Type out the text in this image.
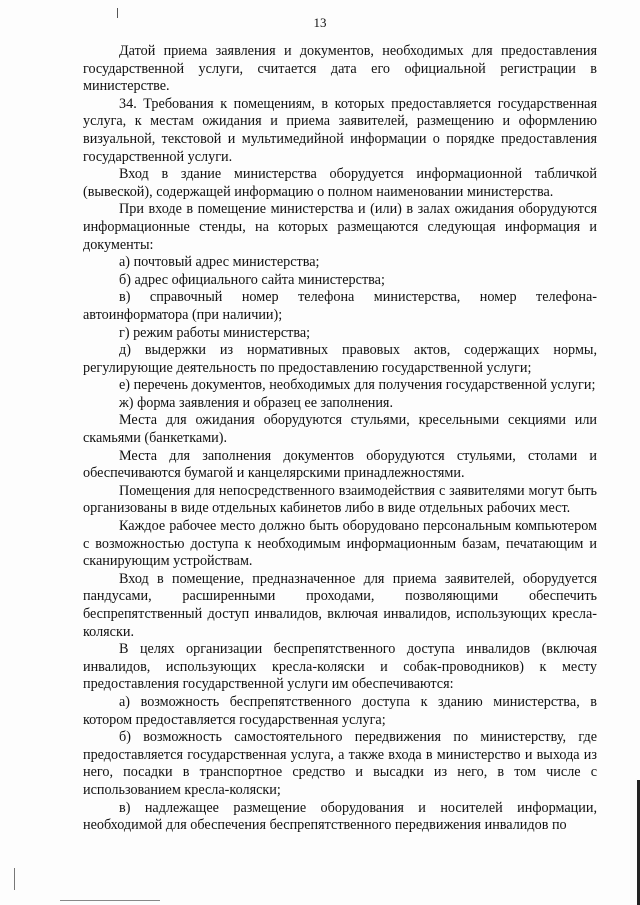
13

Датой приема заявления и документов, необходимых для предоставления государственной услуги, считается дата его официальной регистрации в министерстве.

34. Требования к помещениям, в которых предоставляется государственная услуга, к местам ожидания и приема заявителей, размещению и оформлению визуальной, текстовой и мультимедийной информации о порядке предоставления государственной услуги.

Вход в здание министерства оборудуется информационной табличкой (вывеской), содержащей информацию о полном наименовании министерства.

При входе в помещение министерства и (или) в залах ожидания оборудуются информационные стенды, на которых размещаются следующая информация и документы:

а) почтовый адрес министерства;

б) адрес официального сайта министерства;

в) справочный номер телефона министерства, номер телефона-автоинформатора (при наличии);

г) режим работы министерства;

д) выдержки из нормативных правовых актов, содержащих нормы, регулирующие деятельность по предоставлению государственной услуги;

е) перечень документов, необходимых для получения государственной услуги;

ж) форма заявления и образец ее заполнения.

Места для ожидания оборудуются стульями, кресельными секциями или скамьями (банкетками).

Места для заполнения документов оборудуются стульями, столами и обеспечиваются бумагой и канцелярскими принадлежностями.

Помещения для непосредственного взаимодействия с заявителями могут быть организованы в виде отдельных кабинетов либо в виде отдельных рабочих мест.

Каждое рабочее место должно быть оборудовано персональным компьютером с возможностью доступа к необходимым информационным базам, печатающим и сканирующим устройствам.

Вход в помещение, предназначенное для приема заявителей, оборудуется пандусами, расширенными проходами, позволяющими обеспечить беспрепятственный доступ инвалидов, включая инвалидов, использующих кресла-коляски.

В целях организации беспрепятственного доступа инвалидов (включая инвалидов, использующих кресла-коляски и собак-проводников) к месту предоставления государственной услуги им обеспечиваются:

а) возможность беспрепятственного доступа к зданию министерства, в котором предоставляется государственная услуга;

б) возможность самостоятельного передвижения по министерству, где предоставляется государственная услуга, а также входа в министерство и выхода из него, посадки в транспортное средство и высадки из него, в том числе с использованием кресла-коляски;

в) надлежащее размещение оборудования и носителей информации, необходимой для обеспечения беспрепятственного передвижения инвалидов по
